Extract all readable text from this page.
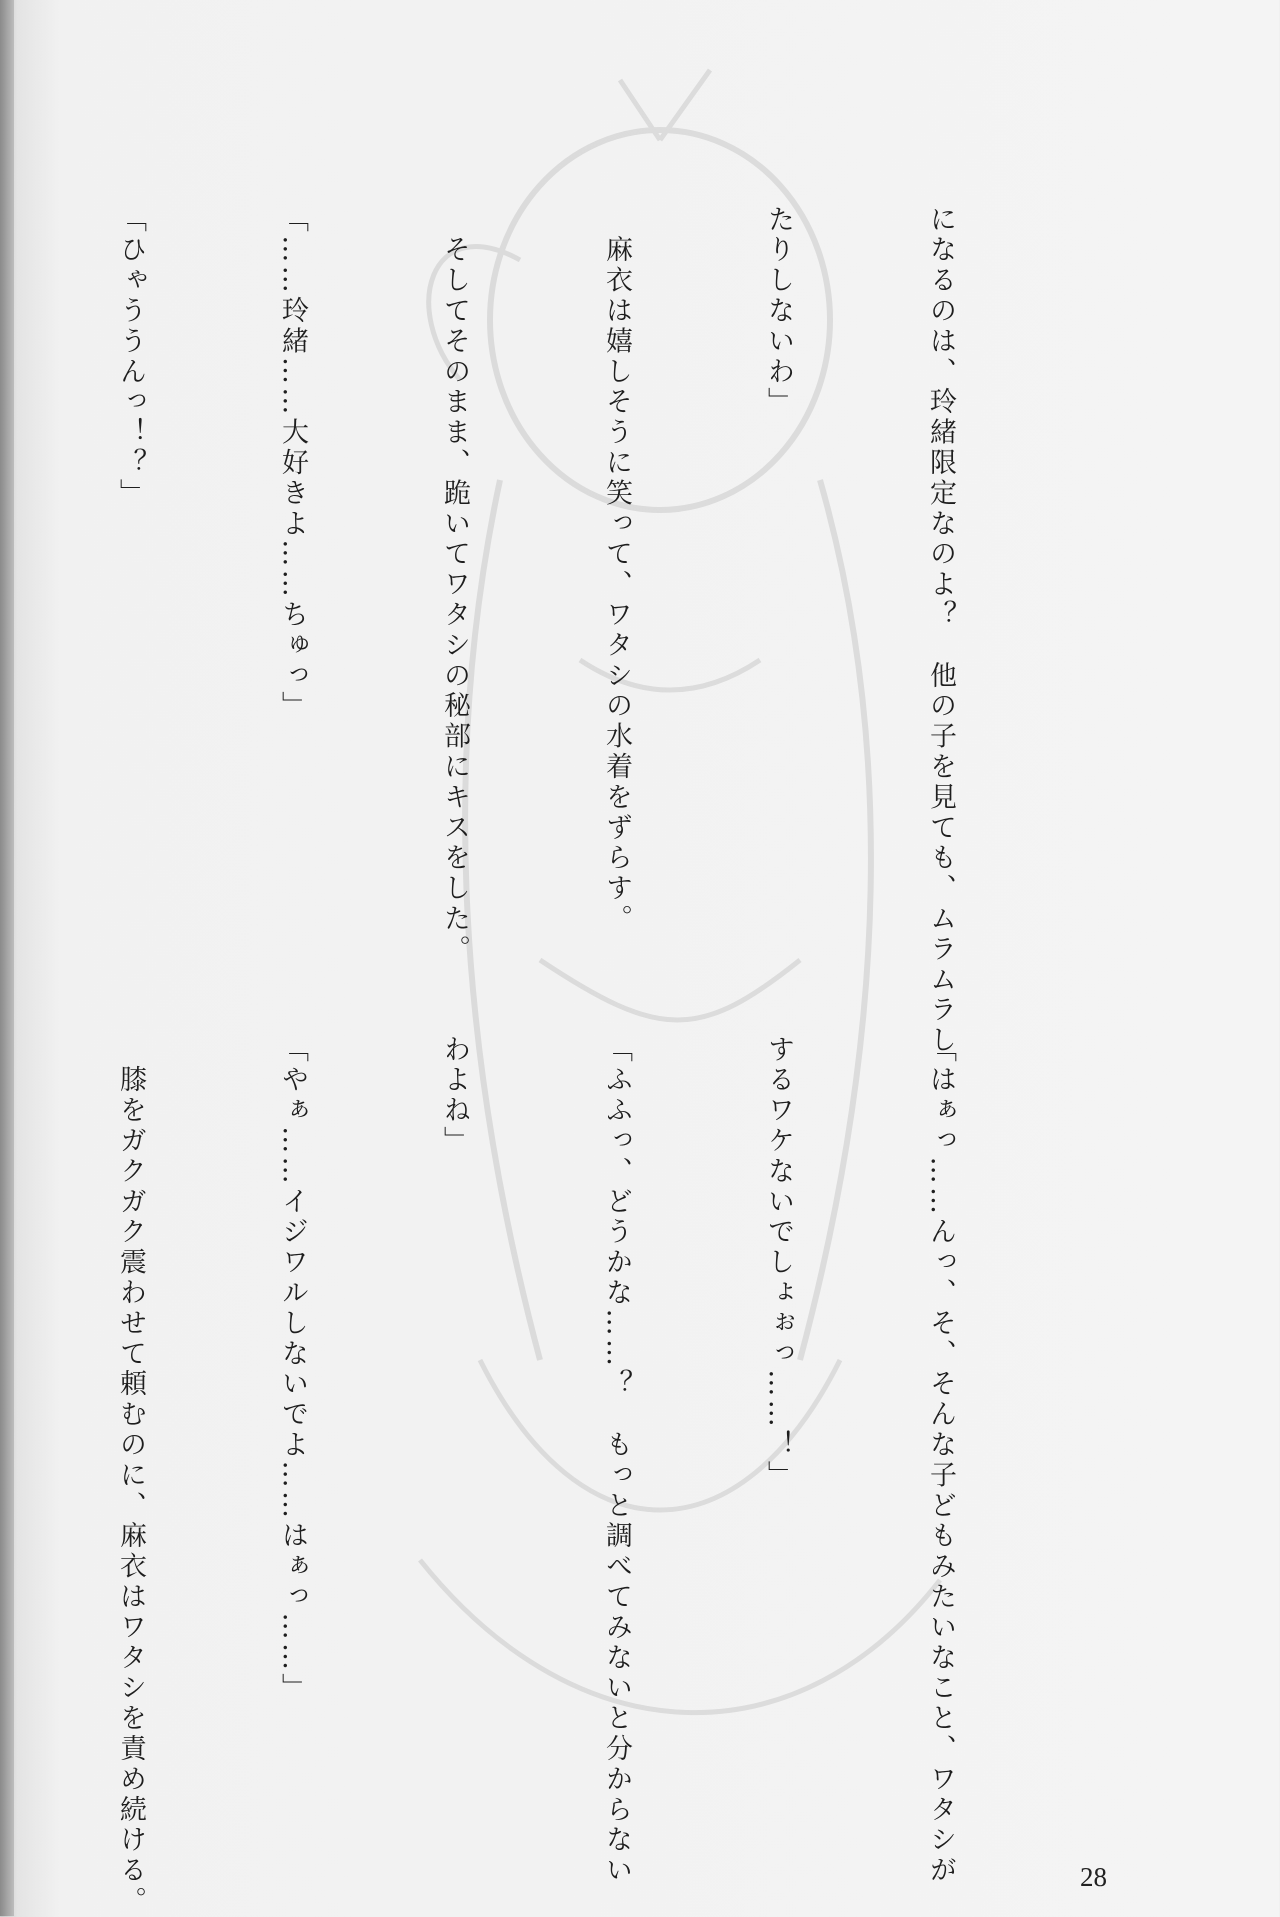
になるのは、玲緒限定なのよ？　他の子を見ても、ムラムラし

たりしないわ」

　麻衣は嬉しそうに笑って、ワタシの水着をずらす。

　そしてそのまま、跪いてワタシの秘部にキスをした。

「……玲緒……大好きよ……ちゅっ」

「ひゃううんっ！？」

「はぁっ……んっ、そ、そんな子どもみたいなこと、ワタシが

するワケないでしょぉっ……！」

「ふふっ、どうかな……？　もっと調べてみないと分からない

わよね」

「やぁ……イジワルしないでよ……はぁっ……」

　膝をガクガク震わせて頼むのに、麻衣はワタシを責め続ける。

	28
